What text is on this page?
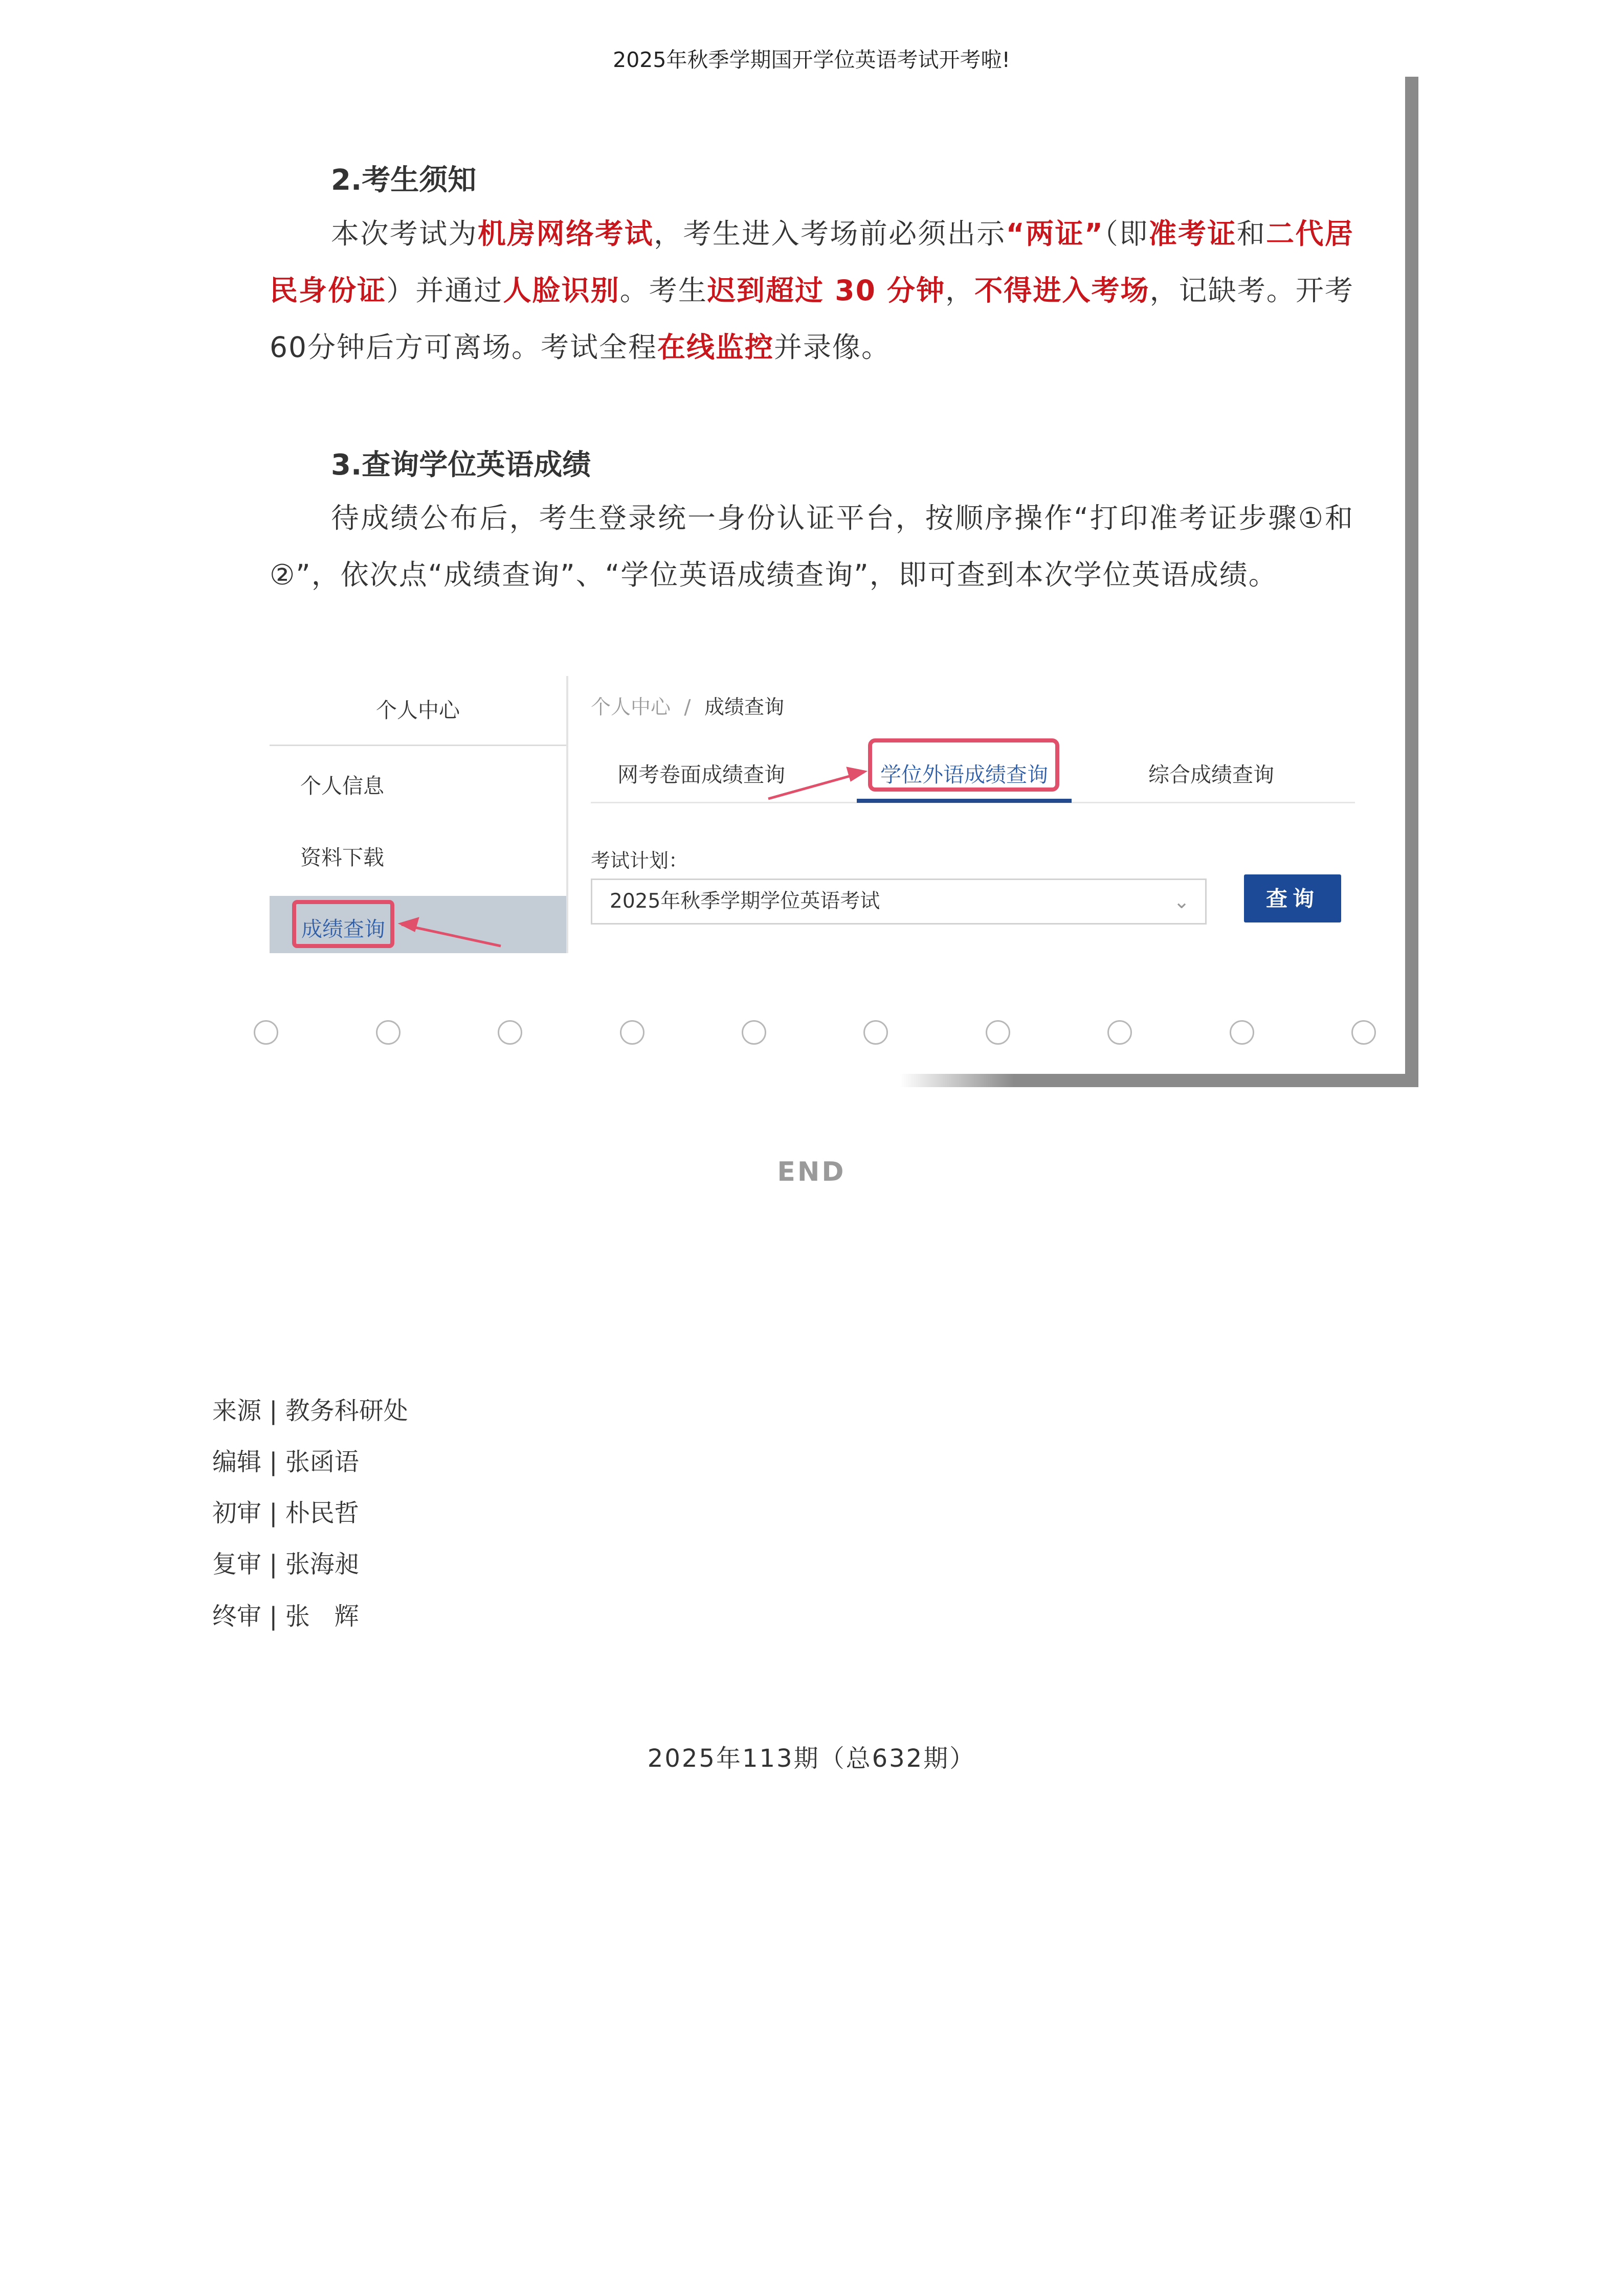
2025年秋季学期国开学位英语考试开考啦!
2.考生须知
本次考试为机房网络考试，考生进入考场前必须出示“两证”（即准考证和二代居民身份证）并通过人脸识别。考生迟到超过 30 分钟，不得进入考场，记缺考。开考60分钟后方可离场。考试全程在线监控并录像。
3.查询学位英语成绩
待成绩公布后，考生登录统一身份认证平台，按顺序操作“打印准考证步骤①和②”，依次点“成绩查询”、“学位英语成绩查询”，即可查到本次学位英语成绩。
个人中心
个人信息
资料下载
成绩查询
个人中心 / 成绩查询
网考卷面成绩查询	学位外语成绩查询	综合成绩查询
考试计划：
2025年秋季学期学位英语考试	⌄	查询
END
来源 | 教务科研处
编辑 | 张函语
初审 | 朴民哲
复审 | 张海昶
终审 | 张　辉
2025年113期（总632期）
